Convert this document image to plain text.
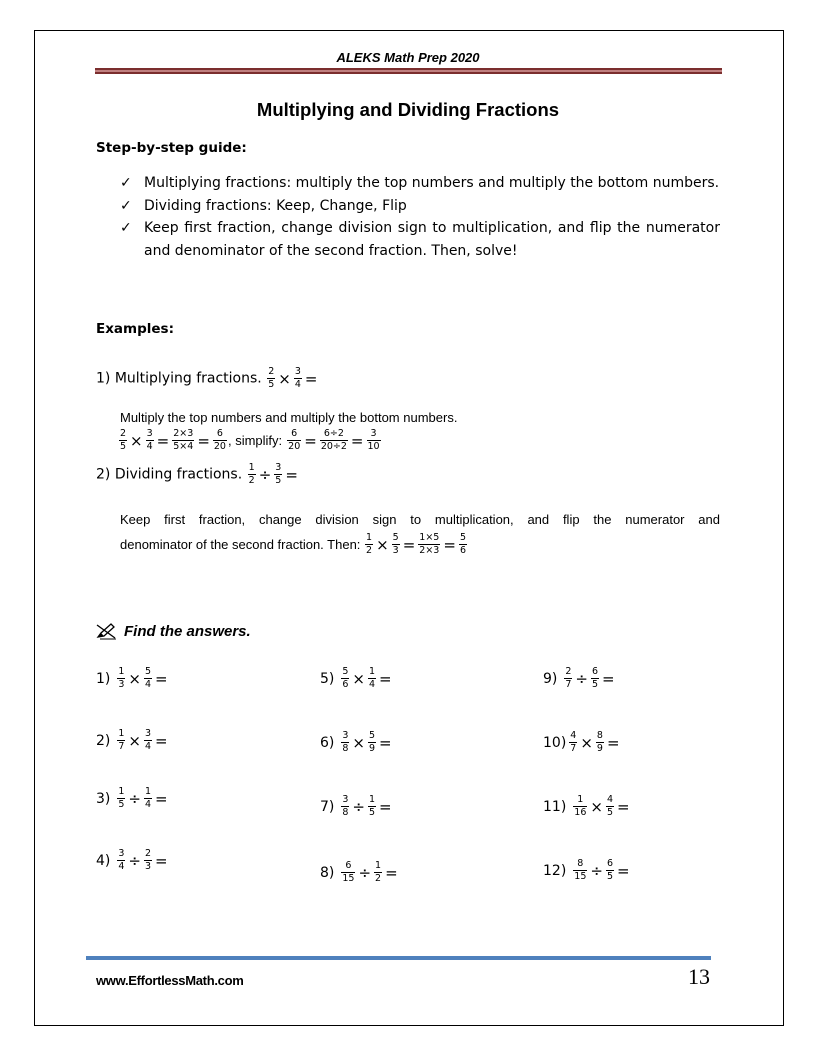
ALEKS Math Prep 2020
Multiplying and Dividing Fractions
Step-by-step guide:
✓ Multiplying fractions: multiply the top numbers and multiply the bottom numbers.
✓ Dividing fractions: Keep, Change, Flip
✓ Keep first fraction, change division sign to multiplication, and flip the numerator and denominator of the second fraction. Then, solve!
Examples:
1) Multiplying fractions. $\frac{2}{5} \times \frac{3}{4}$ =
Multiply the top numbers and multiply the bottom numbers.
$\frac{2}{5} \times \frac{3}{4} = \frac{2\times 3}{5\times 4} = \frac{6}{20}$ , simplify: $\frac{6}{20} = \frac{6\div 2}{20\div 2} = \frac{3}{10}$
2) Dividing fractions. $\frac{1}{2} \div \frac{3}{5}$ =
Keep first fraction, change division sign to multiplication, and flip the numerator and
denominator of the second fraction. Then: $\frac{1}{2} \times \frac{5}{3} = \frac{1\times 5}{2\times 3} = \frac{5}{6}$
Find the answers.
$1) \frac{1}{3} \times \frac{5}{4}$ =
$2) \frac{1}{7} \times \frac{3}{4}$ =
$3) \frac{1}{5} \div \frac{1}{4}$ =
$4) \frac{3}{4} \div \frac{2}{3}$ =
$5) \frac{5}{6} \times \frac{1}{4}$ =
$6) \frac{3}{8} \times \frac{5}{9}$ =
$7) \frac{3}{8} \div \frac{1}{5}$ =
$8) \frac{6}{15} \div \frac{1}{2}$ =
$9) \frac{2}{7} \div \frac{6}{5}$ =
$10) \frac{4}{7} \times \frac{8}{9}$ =
$11) \frac{1}{16} \times \frac{4}{5}$ =
$12) \frac{8}{15} \div \frac{6}{5}$ =
www.EffortlessMath.com	13
